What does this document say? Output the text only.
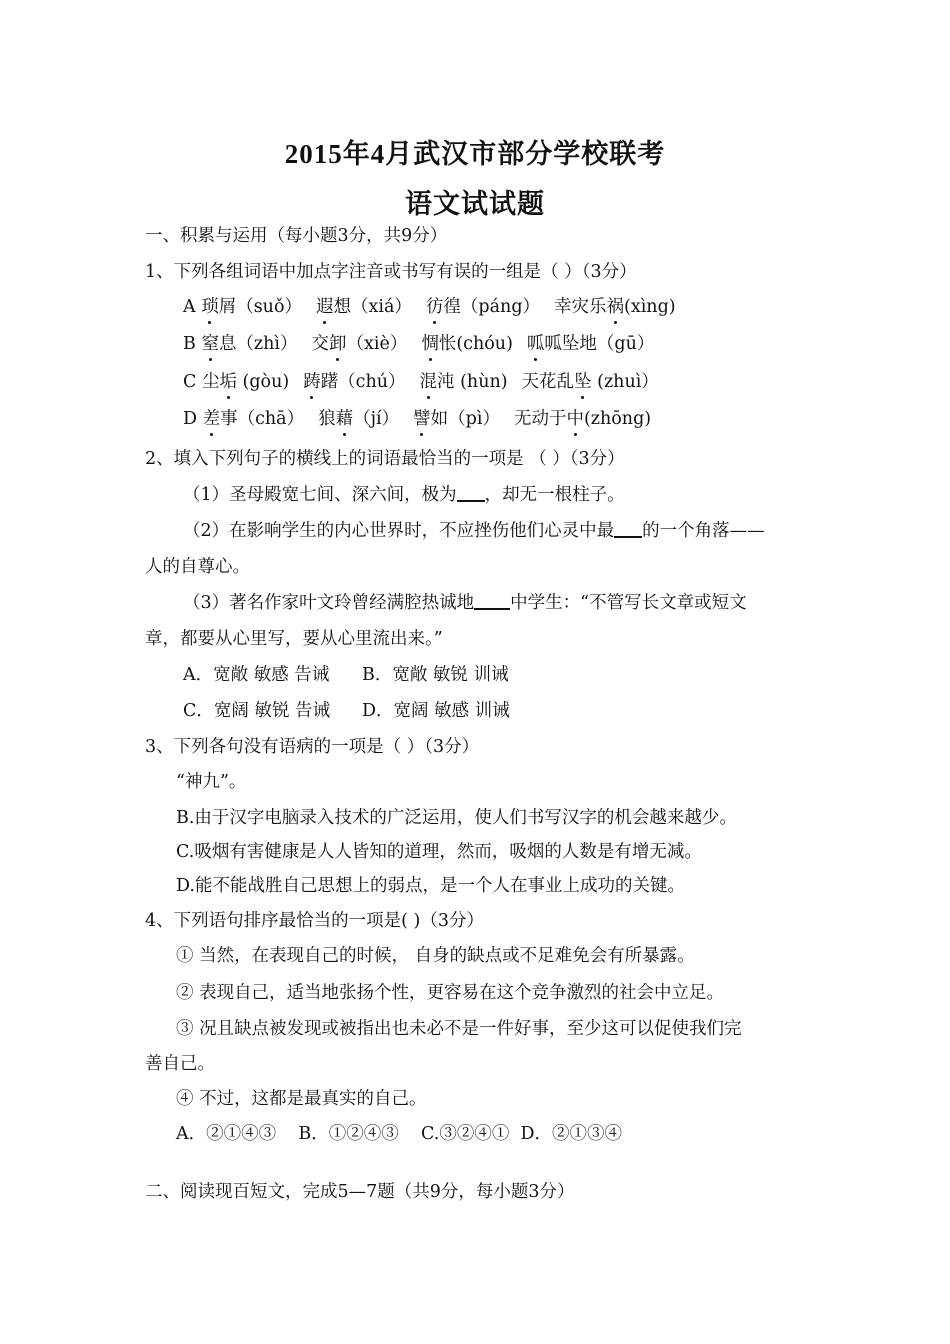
2015年4月武汉市部分学校联考
语文试试题
一、积累与运用（每小题3分，共9分）
1、下列各组词语中加点字注音或书写有误的一组是（ ）（3分）
A 琐屑（suǒ） 遐想（xiá） 彷徨（páng） 幸灾乐祸(xìng)
B 窒息（zhì） 交卸（xiè） 惆怅(chóu) 呱呱坠地（gū）
C 尘垢 (gòu) 踌躇（chú） 混沌 (hùn) 天花乱坠 (zhuì）
D 差事（chā） 狼藉（jí） 譬如（pì） 无动于中(zhōng)
2、填入下列句子的横线上的词语最恰当的一项是 （ ）（3分）
（1）圣母殿宽七间、深六间，极为 ，却无一根柱子。
（2）在影响学生的内心世界时，不应挫伤他们心灵中最 的一个角落——
人的自尊心。
（3）著名作家叶文玲曾经满腔热诚地 中学生：“不管写长文章或短文
章，都要从心里写，要从心里流出来。”
A．宽敞 敏感 告诫 B．宽敞 敏锐 训诫
C．宽阔 敏锐 告诫 D．宽阔 敏感 训诫
3、下列各句没有语病的一项是（ ）（3分）
“神九”。
B.由于汉字电脑录入技术的广泛运用，使人们书写汉字的机会越来越少。
C.吸烟有害健康是人人皆知的道理，然而，吸烟的人数是有增无减。
D.能不能战胜自己思想上的弱点，是一个人在事业上成功的关键。
4、下列语句排序最恰当的一项是( )（3分）
① 当然，在表现自己的时候， 自身的缺点或不足难免会有所暴露。
② 表现自己，适当地张扬个性，更容易在这个竞争激烈的社会中立足。
③ 况且缺点被发现或被指出也未必不是一件好事，至少这可以促使我们完
善自己。
④ 不过，这都是最真实的自己。
A．②①④③    B．①②④③    C.③②④①  D．②①③④
二、阅读现百短文，完成5—7题（共9分，每小题3分）
